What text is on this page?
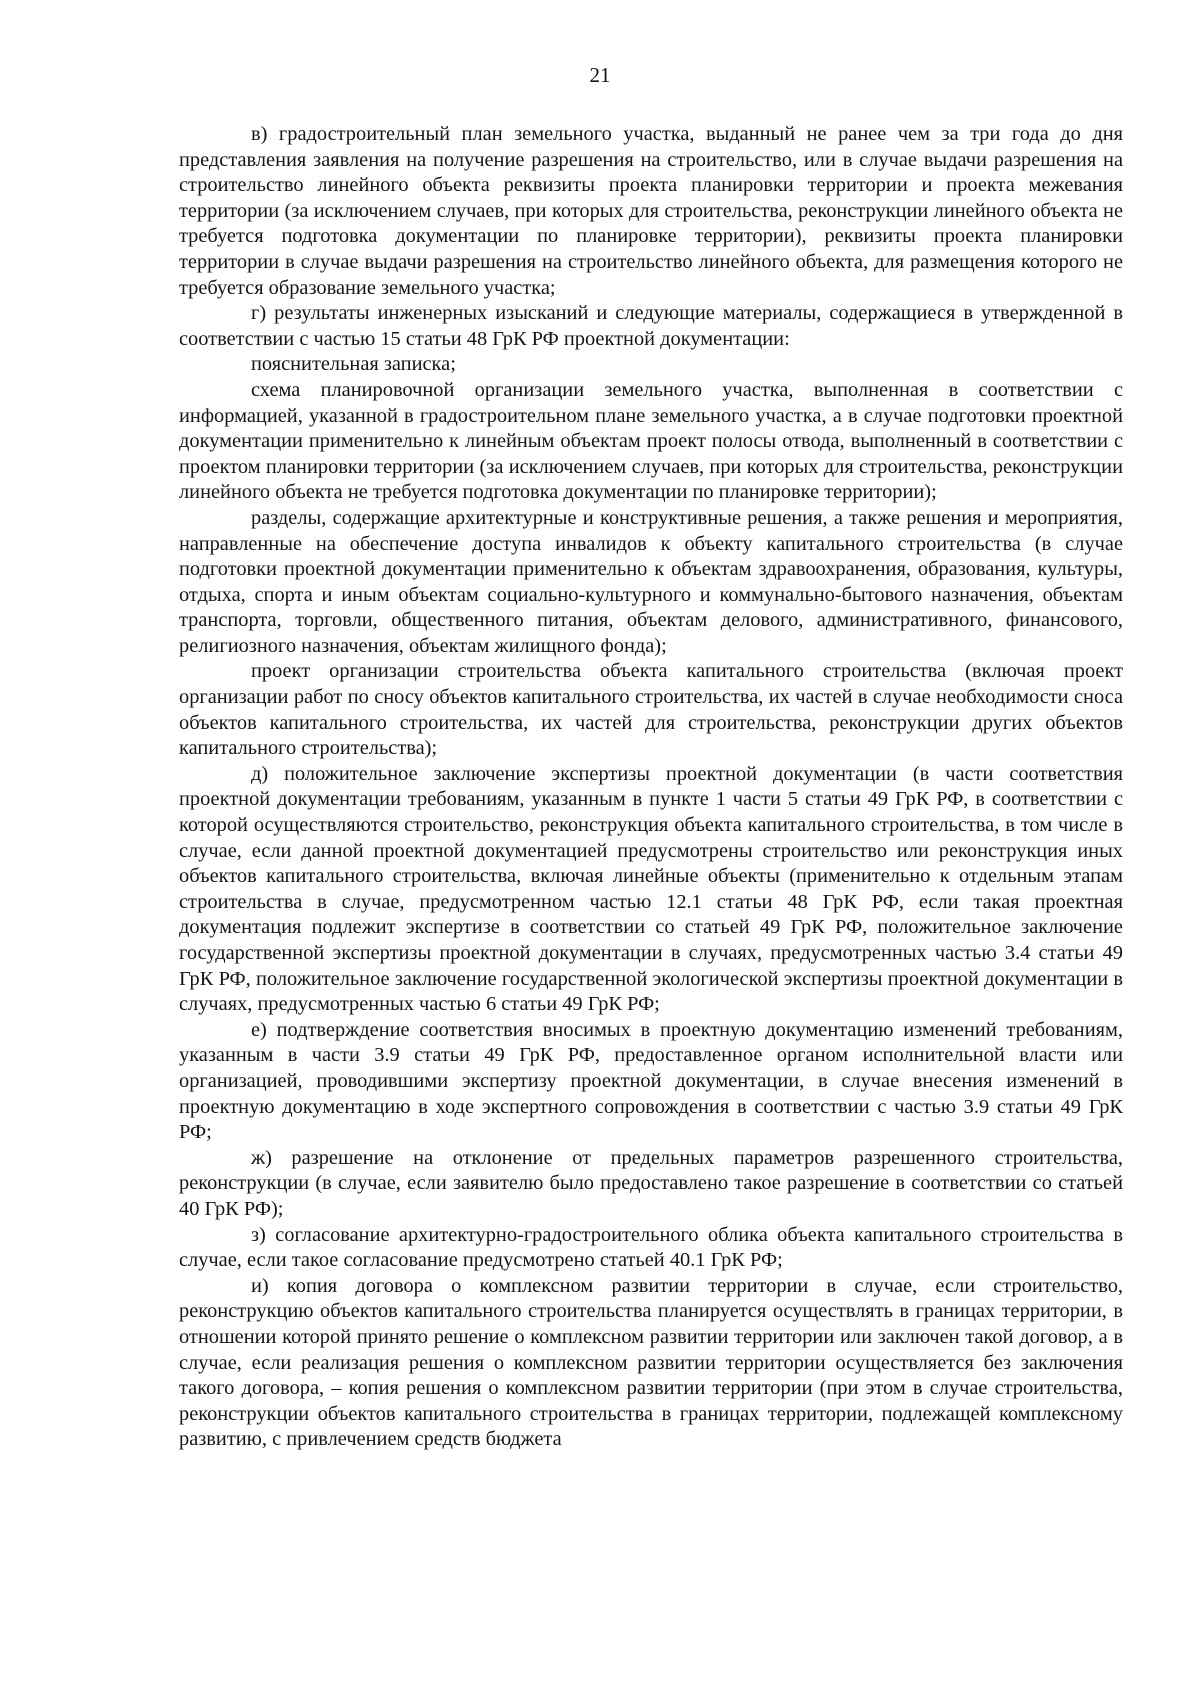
21

в) градостроительный план земельного участка, выданный не ранее чем за три года до дня представления заявления на получение разрешения на строительство, или в случае выдачи разрешения на строительство линейного объекта реквизиты проекта планировки территории и проекта межевания территории (за исключением случаев, при которых для строительства, реконструкции линейного объекта не требуется подготовка документации по планировке территории), реквизиты проекта планировки территории в случае выдачи разрешения на строительство линейного объекта, для размещения которого не требуется образование земельного участка;

г) результаты инженерных изысканий и следующие материалы, содержащиеся в утвержденной в соответствии с частью 15 статьи 48 ГрК РФ проектной документации:

пояснительная записка;

схема планировочной организации земельного участка, выполненная в соответствии с информацией, указанной в градостроительном плане земельного участка, а в случае подготовки проектной документации применительно к линейным объектам проект полосы отвода, выполненный в соответствии с проектом планировки территории (за исключением случаев, при которых для строительства, реконструкции линейного объекта не требуется подготовка документации по планировке территории);

разделы, содержащие архитектурные и конструктивные решения, а также решения и мероприятия, направленные на обеспечение доступа инвалидов к объекту капитального строительства (в случае подготовки проектной документации применительно к объектам здравоохранения, образования, культуры, отдыха, спорта и иным объектам социально-культурного и коммунально-бытового назначения, объектам транспорта, торговли, общественного питания, объектам делового, административного, финансового, религиозного назначения, объектам жилищного фонда);

проект организации строительства объекта капитального строительства (включая проект организации работ по сносу объектов капитального строительства, их частей в случае необходимости сноса объектов капитального строительства, их частей для строительства, реконструкции других объектов капитального строительства);

д) положительное заключение экспертизы проектной документации (в части соответствия проектной документации требованиям, указанным в пункте 1 части 5 статьи 49 ГрК РФ, в соответствии с которой осуществляются строительство, реконструкция объекта капитального строительства, в том числе в случае, если данной проектной документацией предусмотрены строительство или реконструкция иных объектов капитального строительства, включая линейные объекты (применительно к отдельным этапам строительства в случае, предусмотренном частью 12.1 статьи 48 ГрК РФ, если такая проектная документация подлежит экспертизе в соответствии со статьей 49 ГрК РФ, положительное заключение государственной экспертизы проектной документации в случаях, предусмотренных частью 3.4 статьи 49 ГрК РФ, положительное заключение государственной экологической экспертизы проектной документации в случаях, предусмотренных частью 6 статьи 49 ГрК РФ;

е) подтверждение соответствия вносимых в проектную документацию изменений требованиям, указанным в части 3.9 статьи 49 ГрК РФ, предоставленное органом исполнительной власти или организацией, проводившими экспертизу проектной документации, в случае внесения изменений в проектную документацию в ходе экспертного сопровождения в соответствии с частью 3.9 статьи 49 ГрК РФ;

ж) разрешение на отклонение от предельных параметров разрешенного строительства, реконструкции (в случае, если заявителю было предоставлено такое разрешение в соответствии со статьей 40 ГрК РФ);

з) согласование архитектурно-градостроительного облика объекта капитального строительства в случае, если такое согласование предусмотрено статьей 40.1 ГрК РФ;

и) копия договора о комплексном развитии территории в случае, если строительство, реконструкцию объектов капитального строительства планируется осуществлять в границах территории, в отношении которой принято решение о комплексном развитии территории или заключен такой договор, а в случае, если реализация решения о комплексном развитии территории осуществляется без заключения такого договора, – копия решения о комплексном развитии территории (при этом в случае строительства, реконструкции объектов капитального строительства в границах территории, подлежащей комплексному развитию, с привлечением средств бюджета
